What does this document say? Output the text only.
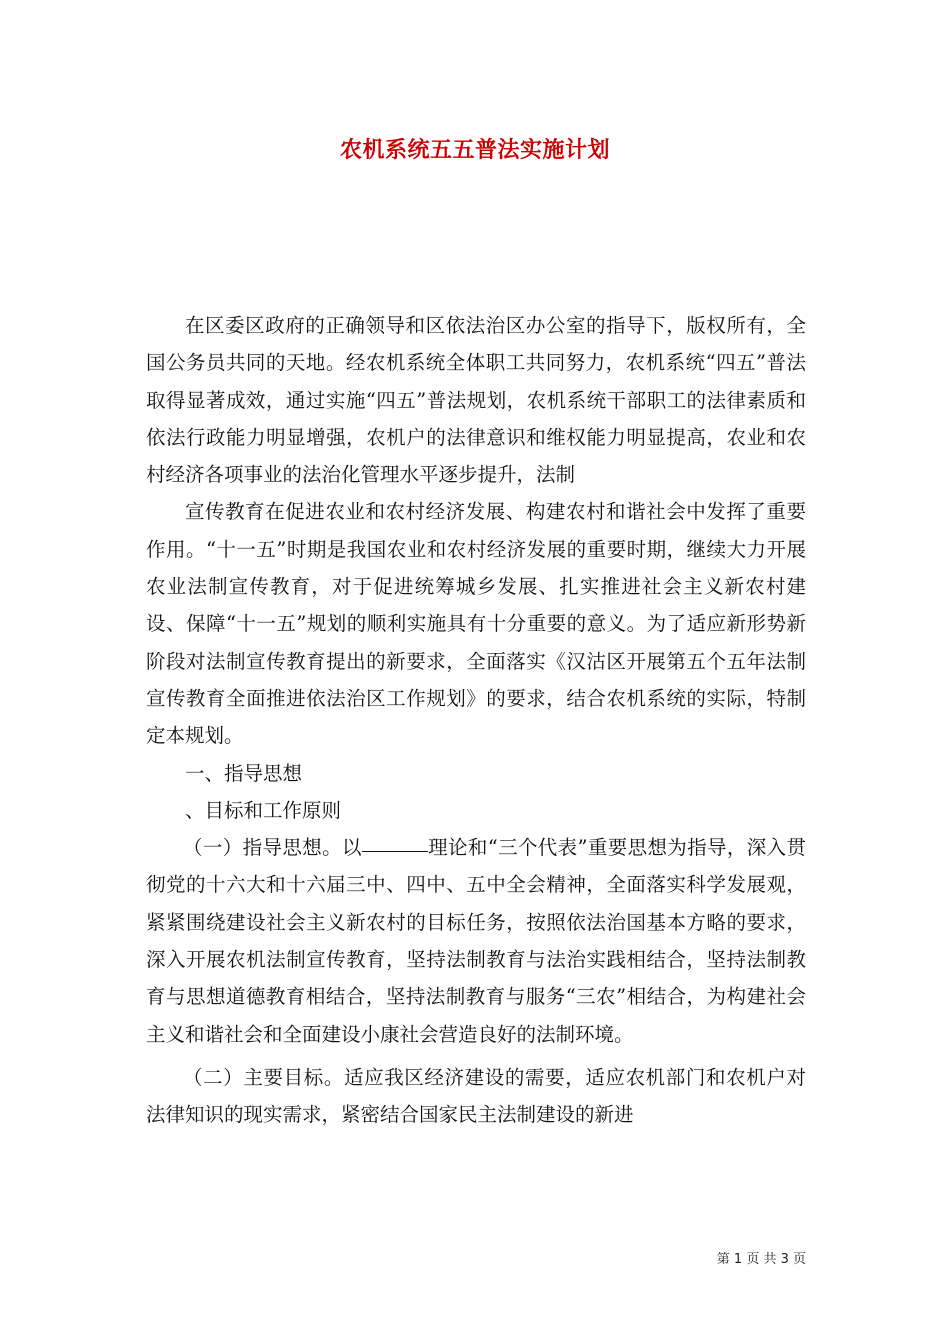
农机系统五五普法实施计划

在区委区政府的正确领导和区依法治区办公室的指导下，版权所有，全国公务员共同的天地。经农机系统全体职工共同努力，农机系统“四五”普法取得显著成效，通过实施“四五”普法规划，农机系统干部职工的法律素质和依法行政能力明显增强，农机户的法律意识和维权能力明显提高，农业和农村经济各项事业的法治化管理水平逐步提升，法制

宣传教育在促进农业和农村经济发展、构建农村和谐社会中发挥了重要作用。“十一五”时期是我国农业和农村经济发展的重要时期，继续大力开展农业法制宣传教育，对于促进统筹城乡发展、扎实推进社会主义新农村建设、保障“十一五”规划的顺利实施具有十分重要的意义。为了适应新形势新阶段对法制宣传教育提出的新要求，全面落实《汉沽区开展第五个五年法制宣传教育全面推进依法治区工作规划》的要求，结合农机系统的实际，特制定本规划。

一、指导思想

、目标和工作原则

（一）指导思想。以	理论和“三个代表”重要思想为指导，深入贯彻党的十六大和十六届三中、四中、五中全会精神，全面落实科学发展观，紧紧围绕建设社会主义新农村的目标任务，按照依法治国基本方略的要求，深入开展农机法制宣传教育，坚持法制教育与法治实践相结合，坚持法制教育与思想道德教育相结合，坚持法制教育与服务“三农”相结合，为构建社会主义和谐社会和全面建设小康社会营造良好的法制环境。

（二）主要目标。适应我区经济建设的需要，适应农机部门和农机户对法律知识的现实需求，紧密结合国家民主法制建设的新进

第 1 页 共 3 页
